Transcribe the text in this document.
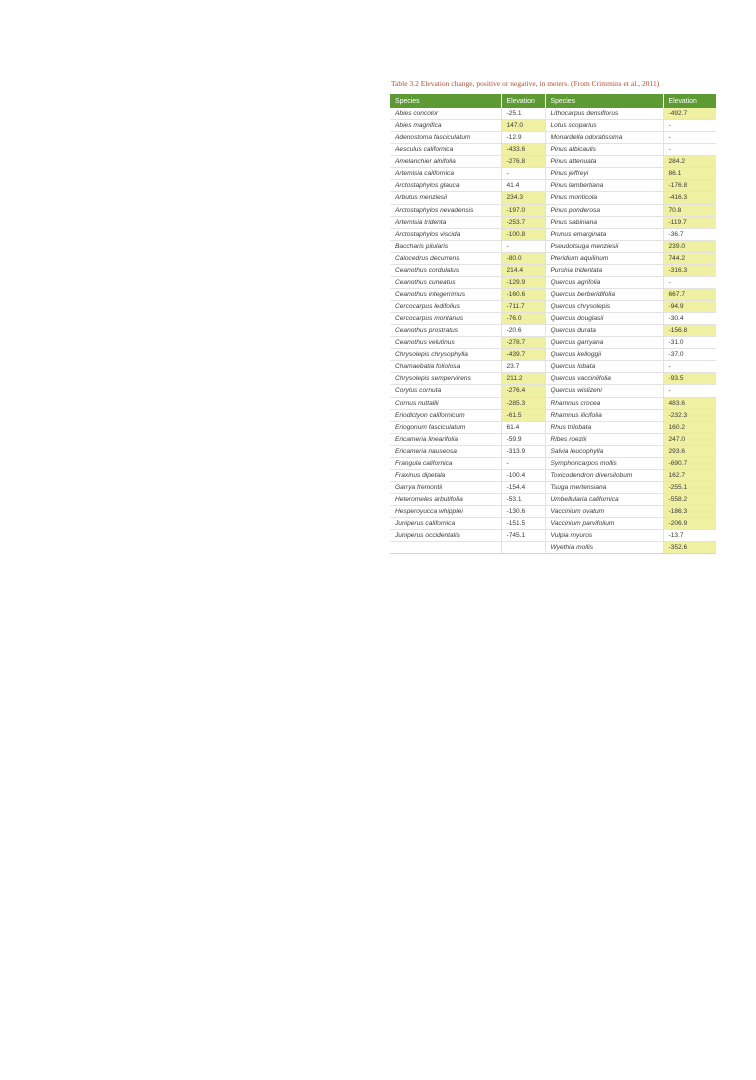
Table 3.2 Elevation change, positive or negative, in meters. (From Crimmins et al., 2011)
Species	Elevation	Species	Elevation
Abies concolor	-25.1	Lithocarpus densiflorus	-492.7
Abies magnifica	147.0	Lotus scoparius	-
Adenostoma fasciculatum	-12.9	Monardella odoratissima	-
Aesculus californica	-433.6	Pinus albicaulis	-
Amelanchier alnifolia	-276.8	Pinus attenuata	284.2
Artemisia californica	-	Pinus jeffreyi	86.1
Arctostaphylos glauca	41.4	Pinus lambertiana	-176.8
Arbutus menziesii	234.3	Pinus monticola	-416.3
Arctostaphylos nevadensis	-197.0	Pinus ponderosa	70.8
Artemisia tridenta	-253.7	Pinus sabiniana	-119.7
Arctostaphylos viscida	-100.8	Prunus emarginata	-36.7
Baccharis pilularis	-	Pseudotsuga menziesii	239.0
Calocedrus decurrens	-80.0	Pteridium aquilinum	744.2
Ceanothus cordulatus	214.4	Purshia tridentata	-316.3
Ceanothus cuneatus	-129.9	Quercus agrifolia	-
Ceanothus integerrimus	-160.6	Quercus berberidifolia	667.7
Cercocarpus ledifolius	-711.7	Quercus chrysolepis	-94.9
Cercocarpus montanus	-76.0	Quercus douglasii	-30.4
Ceanothus prostratus	-20.6	Quercus durata	-156.8
Ceanothus velutinus	-278.7	Quercus garryana	-31.0
Chrysolepis chrysophylla	-439.7	Quercus kelloggii	-37.0
Chamaebatia foliolosa	23.7	Quercus lobata	-
Chrysolepis sempervirens	211.2	Quercus vacciniifolia	-93.5
Corylus cornuta	-276.4	Quercus wislizeni	-
Cornus nuttallii	-285.3	Rhamnus crocea	483.6
Eriodictyon californicum	-61.5	Rhamnus ilicifolia	-232.3
Eriogonum fasciculatum	61.4	Rhus trilobata	160.2
Ericameria linearifolia	-59.9	Ribes roezlii	247.0
Ericameria nauseosa	-313.9	Salvia leucophylla	293.6
Frangula californica	-	Symphoricarpos mollis	-690.7
Fraxinus dipetala	-100.4	Toxicodendron diversilobum	162.7
Garrya fremontii	-154.4	Tsuga mertensiana	-255.1
Heteromeles arbutifolia	-53.1	Umbellularia californica	-558.2
Hesperoyucca whipplei	-130.6	Vaccinium ovatum	-186.3
Juniperus californica	-151.5	Vaccinium parvifolium	-206.9
Juniperus occidentalis	-745.1	Vulpia myuros	-13.7
		Wyethia mollis	-352.6
